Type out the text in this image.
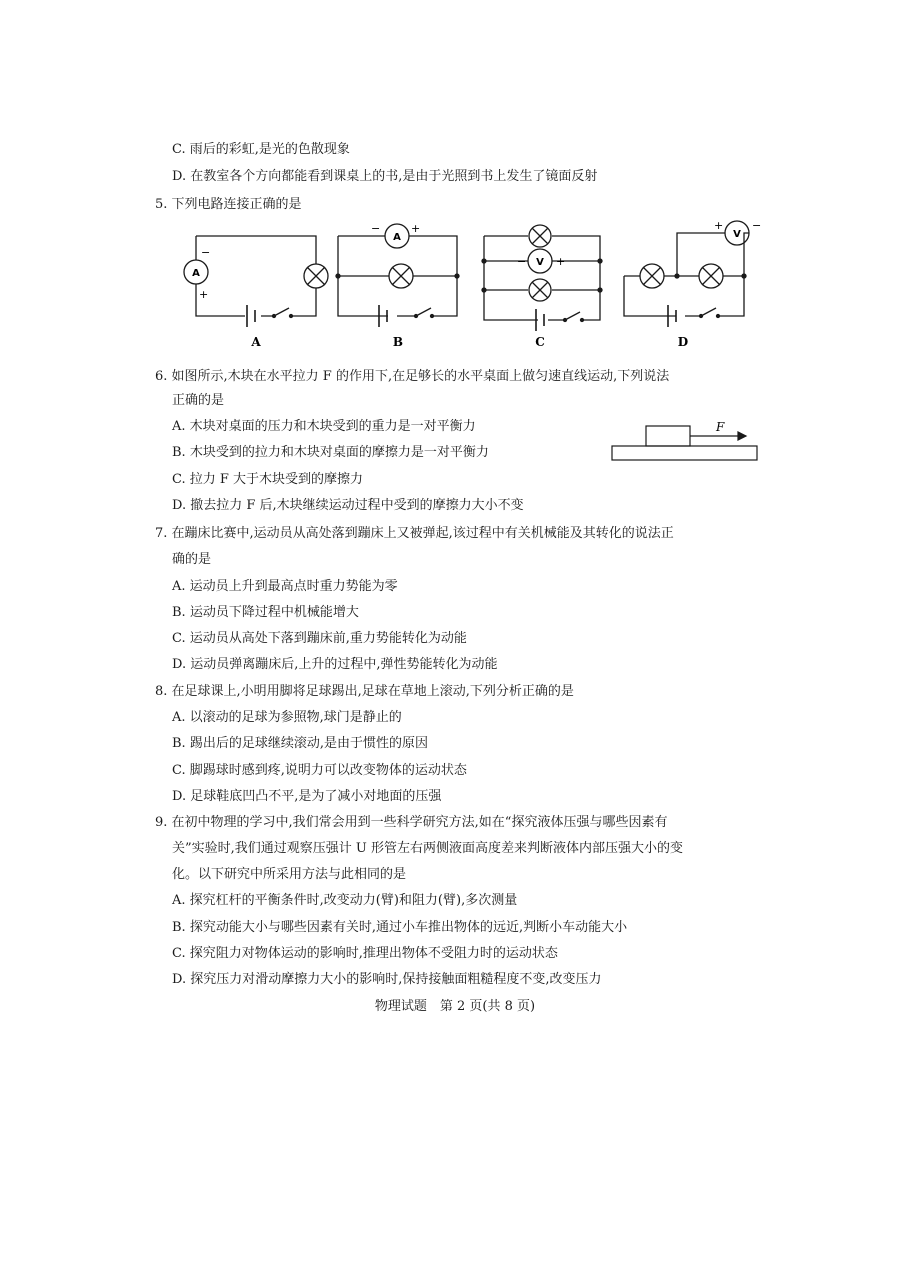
C. 雨后的彩虹,是光的色散现象
D. 在教室各个方向都能看到课桌上的书,是由于光照到书上发生了镜面反射
5. 下列电路连接正确的是
A
A
V
V
−
+
−	+
−	+
+	−
A	B	C	D
F
6. 如图所示,木块在水平拉力 F 的作用下,在足够长的水平桌面上做匀速直线运动,下列说法
正确的是
A. 木块对桌面的压力和木块受到的重力是一对平衡力
B. 木块受到的拉力和木块对桌面的摩擦力是一对平衡力
C. 拉力 F 大于木块受到的摩擦力
D. 撤去拉力 F 后,木块继续运动过程中受到的摩擦力大小不变
7. 在蹦床比赛中,运动员从高处落到蹦床上又被弹起,该过程中有关机械能及其转化的说法正
确的是
A. 运动员上升到最高点时重力势能为零
B. 运动员下降过程中机械能增大
C. 运动员从高处下落到蹦床前,重力势能转化为动能
D. 运动员弹离蹦床后,上升的过程中,弹性势能转化为动能
8. 在足球课上,小明用脚将足球踢出,足球在草地上滚动,下列分析正确的是
A. 以滚动的足球为参照物,球门是静止的
B. 踢出后的足球继续滚动,是由于惯性的原因
C. 脚踢球时感到疼,说明力可以改变物体的运动状态
D. 足球鞋底凹凸不平,是为了减小对地面的压强
9. 在初中物理的学习中,我们常会用到一些科学研究方法,如在“探究液体压强与哪些因素有
关”实验时,我们通过观察压强计 U 形管左右两侧液面高度差来判断液体内部压强大小的变
化。以下研究中所采用方法与此相同的是
A. 探究杠杆的平衡条件时,改变动力(臂)和阻力(臂),多次测量
B. 探究动能大小与哪些因素有关时,通过小车推出物体的远近,判断小车动能大小
C. 探究阻力对物体运动的影响时,推理出物体不受阻力时的运动状态
D. 探究压力对滑动摩擦力大小的影响时,保持接触面粗糙程度不变,改变压力
物理试题　第 2 页(共 8 页)
